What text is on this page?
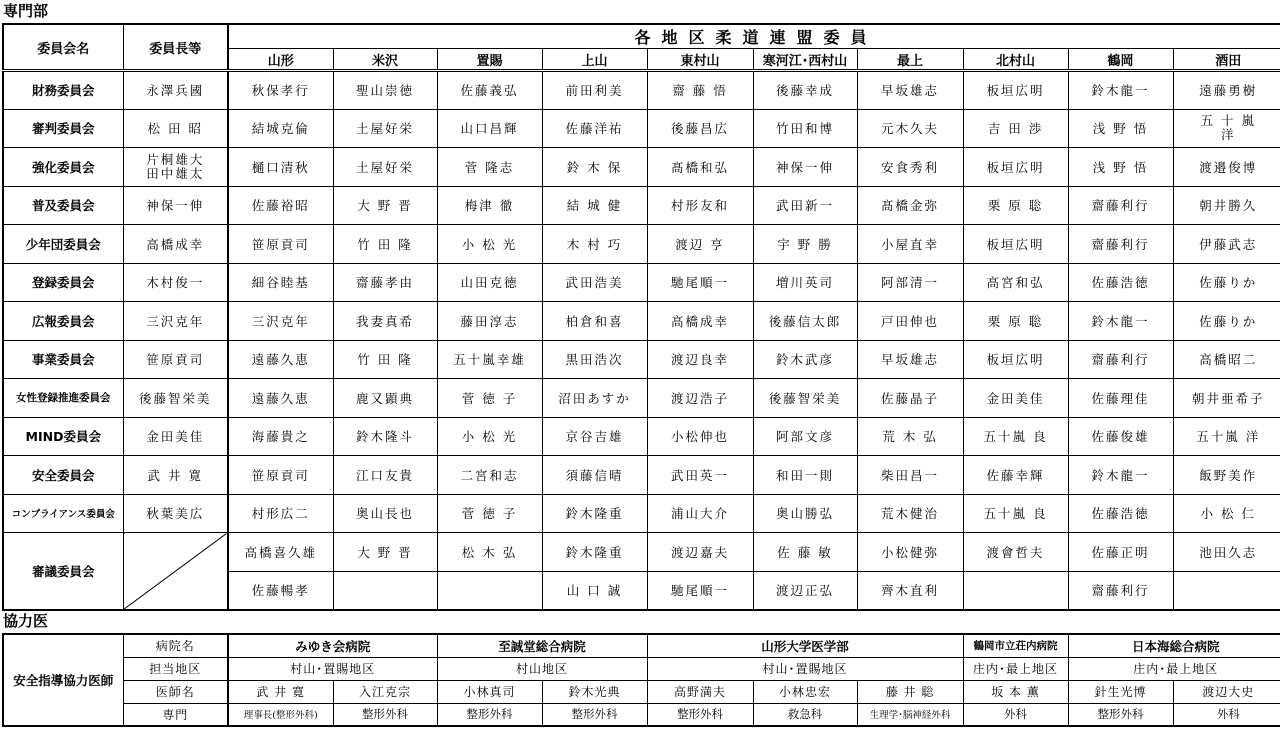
専門部
委員会名	委員長等	各地区柔道連盟委員									
		山形	米沢	置賜	上山	東村山	寒河江･西村山	最上	北村山	鶴岡	酒田
財務委員会	永澤兵國	秋保孝行	聖山崇徳	佐藤義弘	前田利美	齋 藤 悟	後藤幸成	早坂雄志	板垣広明	鈴木龍一	遠藤勇樹
審判委員会	松 田 昭	結城克倫	土屋好栄	山口昌輝	佐藤洋祐	後藤昌広	竹田和博	元木久夫	吉 田 渉	浅 野 悟	五 十 嵐
洋
強化委員会	片桐雄大
田中雄太	樋口清秋	土屋好栄	菅 隆志	鈴 木 保	髙橋和弘	神保一伸	安食秀利	板垣広明	浅 野 悟	渡邉俊博
普及委員会	神保一伸	佐藤裕昭	大 野 晋	梅津 徹	結 城 健	村形友和	武田新一	髙橋金弥	栗 原 聡	齋藤利行	朝井勝久
少年団委員会	高橋成幸	笹原貢司	竹 田 隆	小 松 光	木 村 巧	渡辺 亨	宇 野 勝	小屋直幸	板垣広明	齋藤利行	伊藤武志
登録委員会	木村俊一	細谷睦基	齋藤孝由	山田克徳	武田浩美	馳尾順一	増川英司	阿部清一	高宮和弘	佐藤浩徳	佐藤りか
広報委員会	三沢克年	三沢克年	我妻真希	藤田淳志	柏倉和喜	高橋成幸	後藤信太郎	戸田伸也	栗 原 聡	鈴木龍一	佐藤りか
事業委員会	笹原貢司	遠藤久恵	竹 田 隆	五十嵐幸雄	黒田浩次	渡辺良幸	鈴木武彦	早坂雄志	板垣広明	齋藤利行	高橋昭二
女性登録推進委員会	後藤智栄美	遠藤久恵	鹿又顕典	菅 徳 子	沼田あすか	渡辺浩子	後藤智栄美	佐藤晶子	金田美佳	佐藤理佳	朝井亜希子
MIND委員会	金田美佳	海藤貴之	鈴木隆斗	小 松 光	京谷吉雄	小松伸也	阿部文彦	荒 木 弘	五十嵐 良	佐藤俊雄	五十嵐 洋
安全委員会	武 井 寛	笹原貢司	江口友貴	二宮和志	須藤信晴	武田英一	和田一則	柴田昌一	佐藤幸輝	鈴木龍一	飯野美作
コンプライアンス委員会	秋葉美広	村形広二	奥山長也	菅 徳 子	鈴木隆重	浦山大介	奥山勝弘	荒木健治	五十嵐 良	佐藤浩徳	小 松 仁
審議委員会		高橋喜久雄	大 野 晋	松 木 弘	鈴木隆重	渡辺嘉夫	佐 藤 敏	小松健弥	渡會哲夫	佐藤正明	池田久志
		佐藤暢孝			山 口 誠	馳尾順一	渡辺正弘	齊木直利		齋藤利行	
協力医
安全指導協力医師	病院名	みゆき会病院		至誠堂総合病院		山形大学医学部			鶴岡市立荘内病院	日本海総合病院	
	担当地区	村山･置賜地区		村山地区		村山･置賜地区			庄内･最上地区	庄内･最上地区	
	医師名	武 井 寛	入江克宗	小林真司	鈴木光典	高野満夫	小林忠宏	藤 井 聡	坂 本 薫	針生光博	渡辺大史
	専門	理事長(整形外科)	整形外科	整形外科	整形外科	整形外科	救急科	生理学･脳神経外科	外科	整形外科	外科
